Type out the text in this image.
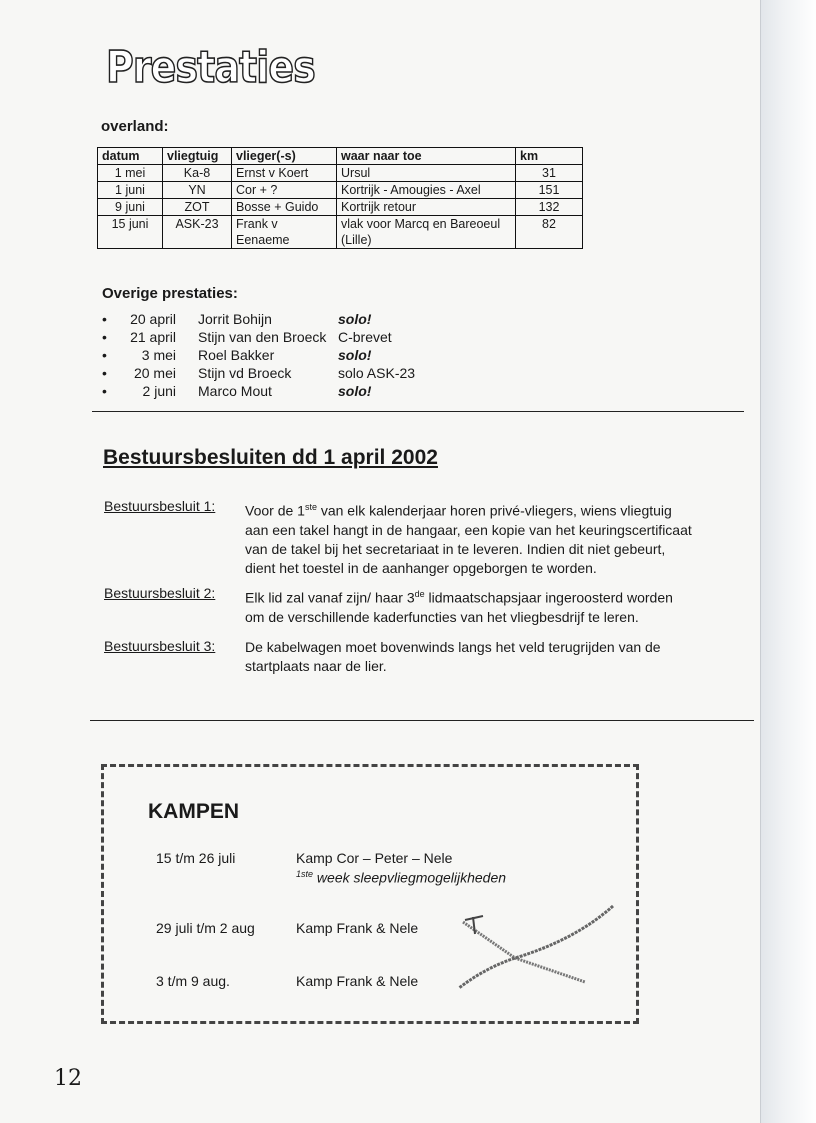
Prestaties
overland:
datum	vliegtuig	vlieger(-s)	waar naar toe	km
1 mei	Ka-8	Ernst v Koert	Ursul	31
1 juni	YN	Cor + ?	Kortrijk - Amougies - Axel	151
9 juni	ZOT	Bosse + Guido	Kortrijk retour	132
15 juni	ASK-23	Frank v Eenaeme	vlak voor Marcq en Bareoeul (Lille)	82
Overige prestaties:
•	20 april Jorrit Bohijn	solo!
•	21 april Stijn van den Broeck C-brevet
•	3 mei Roel Bakker	solo!
•	20 mei Stijn vd Broeck	solo ASK-23
•	2 juni Marco Mout	solo!
Bestuursbesluiten dd 1 april 2002
Bestuursbesluit 1: Voor de 1ste van elk kalenderjaar horen privé-vliegers, wiens vliegtuig aan een takel hangt in de hangaar, een kopie van het keuringscertificaat van de takel bij het secretariaat in te leveren. Indien dit niet gebeurt, dient het toestel in de aanhanger opgeborgen te worden.
Bestuursbesluit 2: Elk lid zal vanaf zijn/ haar 3de lidmaatschapsjaar ingeroosterd worden om de verschillende kaderfuncties van het vliegbesdrijf te leren.
Bestuursbesluit 3: De kabelwagen moet bovenwinds langs het veld terugrijden van de startplaats naar de lier.
KAMPEN
15 t/m 26 juli	Kamp Cor – Peter – Nele
$^{1ste}$ week sleepvliegmogelijkheden
29 juli t/m 2 aug	Kamp Frank & Nele
3 t/m 9 aug.	Kamp Frank & Nele
12
